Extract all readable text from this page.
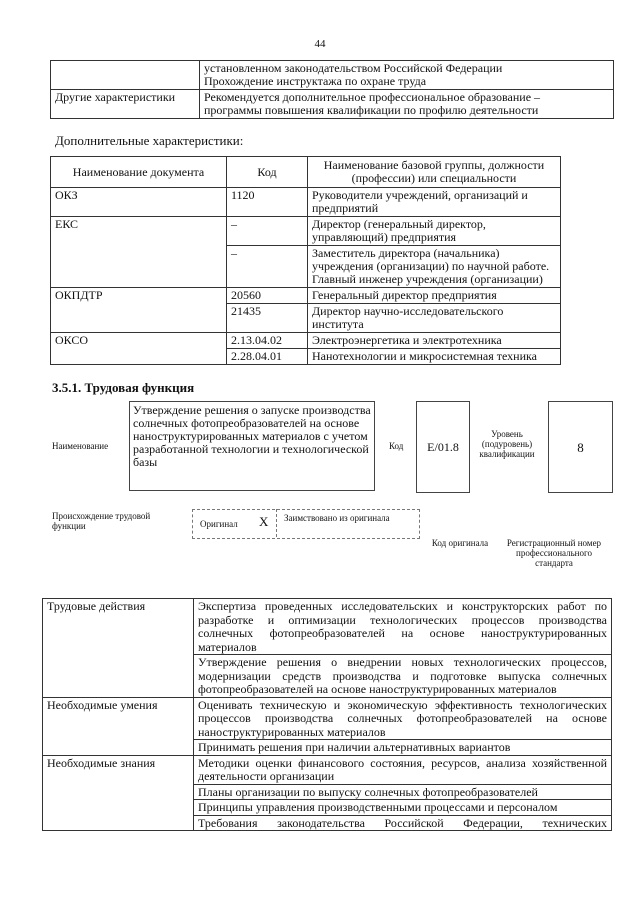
44

	установленном законодательством Российской Федерации
Прохождение инструктажа по охране труда

Другие характеристики	Рекомендуется дополнительное профессиональное образование –
программы повышения квалификации по профилю деятельности
Дополнительные характеристики:
Наименование документа	Код	Наименование базовой группы, должности (профессии) или специальности
ОКЗ	1120	Руководители учреждений, организаций и предприятий
ЕКС	–	Директор (генеральный директор, управляющий) предприятия
	–	Заместитель директора (начальника) учреждения (организации) по научной работе. Главный инженер учреждения (организации)
ОКПДТР	20560	Генеральный директор предприятия
	21435	Директор научно-исследовательского института
ОКСО	2.13.04.02	Электроэнергетика и электротехника
	2.28.04.01	Нанотехнологии и микросистемная техника
3.5.1. Трудовая функция
Наименование
Утверждение решения о запуске производства солнечных фотопреобразователей на основе наноструктурированных материалов с учетом разработанной технологии и технологической базы
Код E/01.8
Уровень (подуровень) квалификации	8
Происхождение трудовой функции	Оригинал X Заимствовано из оригинала
Код оригинала	Регистрационный номер профессионального стандарта
Трудовые действия	Экспертиза проведенных исследовательских и конструкторских работ по разработке и оптимизации технологических процессов производства солнечных фотопреобразователей на основе наноструктурированных материалов
	Утверждение решения о внедрении новых технологических процессов, модернизации средств производства и подготовке выпуска солнечных фотопреобразователей на основе наноструктурированных материалов
Необходимые умения	Оценивать техническую и экономическую эффективность технологических процессов производства солнечных фотопреобразователей на основе наноструктурированных материалов
	Принимать решения при наличии альтернативных вариантов
Необходимые знания	Методики оценки финансового состояния, ресурсов, анализа хозяйственной деятельности организации
	Планы организации по выпуску солнечных фотопреобразователей
	Принципы управления производственными процессами и персоналом

	Требования законодательства Российской Федерации, технических
